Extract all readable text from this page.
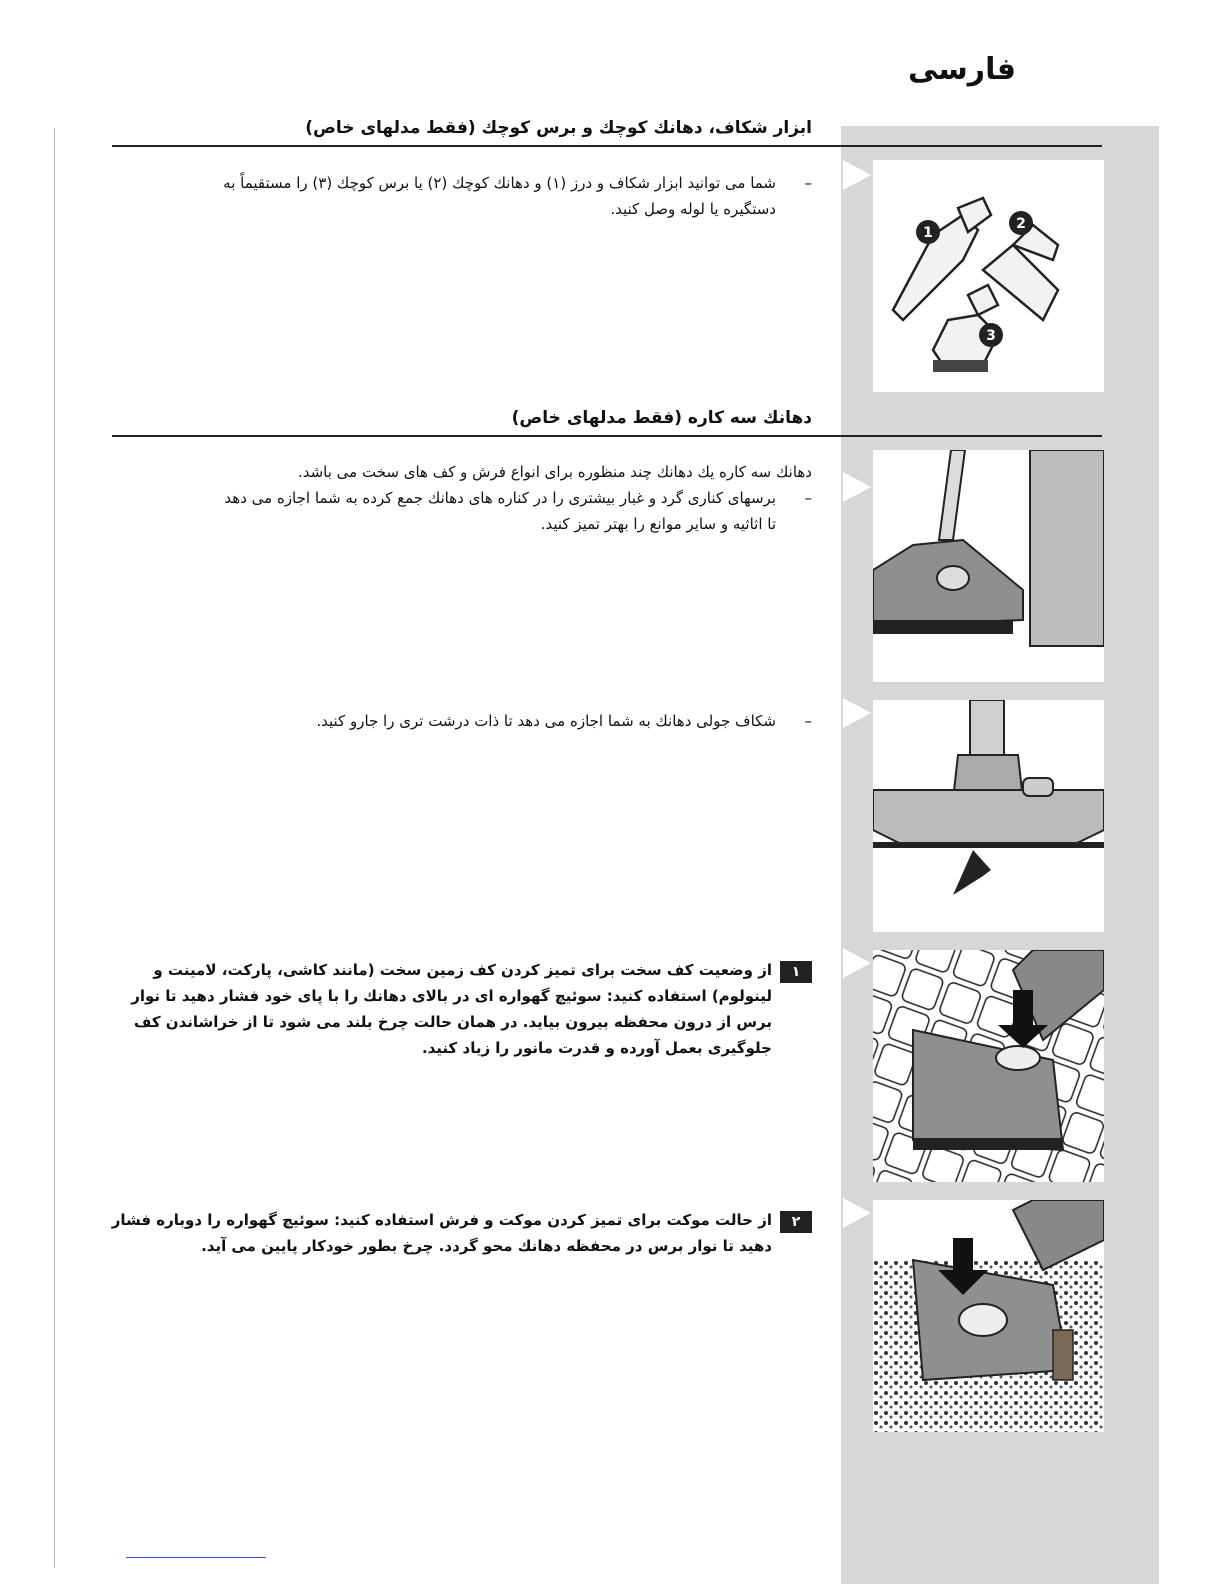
فارسی
ابزار شکاف، دهانك کوچك و برس کوچك (فقط مدلهای خاص)
–
شما می توانید ابزار شکاف و درز (۱) و دهانك کوچك (۲) یا برس کوچك (۳) را مستقیماً به
دستگیره یا لوله وصل کنید.
1
2
3
دهانك سه کاره (فقط مدلهای خاص)
دهانك سه کاره یك دهانك چند منظوره برای انواع فرش و کف های سخت می باشد.
–
برسهای کناری گرد و غبار بیشتری را در کناره های دهانك جمع کرده به شما اجازه می دهد
تا اثاثیه و سایر موانع را بهتر تمیز کنید.
–
شکاف جولی دهانك به شما اجازه می دهد تا ذات درشت تری را جارو کنید.
۱
از وضعیت کف سخت برای تمیز کردن کف زمین سخت (مانند کاشی، پارکت، لامینت و
لینولوم) استفاده کنید: سوئیچ گهواره ای در بالای دهانك را با پای خود فشار دهید تا نوار
برس از درون محفظه بیرون بیاید. در همان حالت چرخ بلند می شود تا از خراشاندن کف
جلوگیری بعمل آورده و قدرت مانور را زیاد کنید.
۲
از حالت موکت برای تمیز کردن موکت و فرش استفاده کنید: سوئیچ گهواره را دوباره فشار
دهید تا نوار برس در محفظه دهانك محو گردد. چرخ بطور خودکار پایین می آید.
